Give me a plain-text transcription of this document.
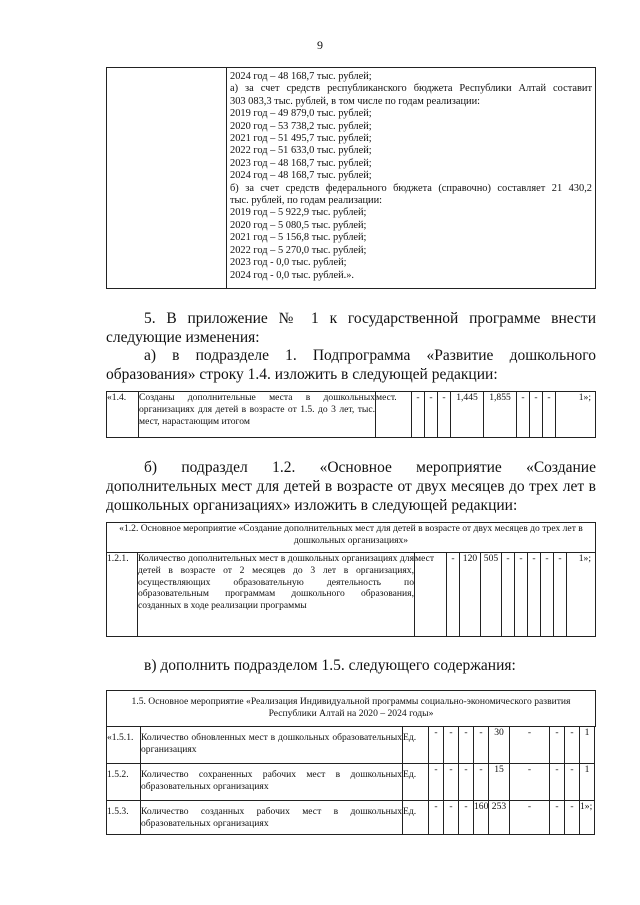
9

2024 год – 48 168,7 тыс. рублей;
а) за счет средств республиканского бюджета Республики Алтай составит
303 083,3 тыс. рублей, в том числе по годам реализации:
2019 год – 49 879,0 тыс. рублей;
2020 год – 53 738,2 тыс. рублей;
2021 год – 51 495,7 тыс. рублей;
2022 год – 51 633,0 тыс. рублей;
2023 год – 48 168,7 тыс. рублей;
2024 год – 48 168,7 тыс. рублей;
б) за счет средств федерального бюджета (справочно) составляет 21 430,2
тыс. рублей, по годам реализации:
2019 год – 5 922,9 тыс. рублей;
2020 год – 5 080,5 тыс. рублей;
2021 год – 5 156,8 тыс. рублей;
2022 год – 5 270,0 тыс. рублей;
2023 год - 0,0 тыс. рублей;
2024 год - 0,0 тыс. рублей.».
5. В приложение № 1 к государственной программе внести
следующие изменения:
а) в подразделе 1. Подпрограмма «Развитие дошкольного
образования» строку 1.4. изложить в следующей редакции:
«1.4.	Созданы дополнительные места в дошкольных организациях для детей в возрасте от 1.5. до 3 лет, тыс. мест, нарастающим итогом	мест.	-	-	-	1,445	1,855	-	-	-	1»;
б) подраздел 1.2. «Основное мероприятие «Создание
дополнительных мест для детей в возрасте от двух месяцев до трех лет в
дошкольных организациях» изложить в следующей редакции:
«1.2. Основное мероприятие «Создание дополнительных мест для детей в возрасте от двух месяцев до трех лет в дошкольных организациях»
1.2.1.	Количество дополнительных мест в дошкольных организациях для детей в возрасте от 2 месяцев до 3 лет в организациях, осуществляющих образовательную деятельность по образовательным программам дошкольного образования, созданных в ходе реализации программы	мест	-	120	505	-	-	-	-	-	1»;
в) дополнить подразделом 1.5. следующего содержания:
1.5. Основное мероприятие «Реализация Индивидуальной программы социально-экономического развития Республики Алтай на 2020 – 2024 годы»											
«1.5.1.	Количество обновленных мест в дошкольных образовательных организациях	Ед.	-	-	-	-	30	-	-	-	1
1.5.2.	Количество сохраненных рабочих мест в дошкольных образовательных организациях	Ед.	-	-	-	-	15	-	-	-	1
1.5.3.	Количество созданных рабочих мест в дошкольных образовательных организациях	Ед.	-	-	-	160	253	-	-	-	1»;
